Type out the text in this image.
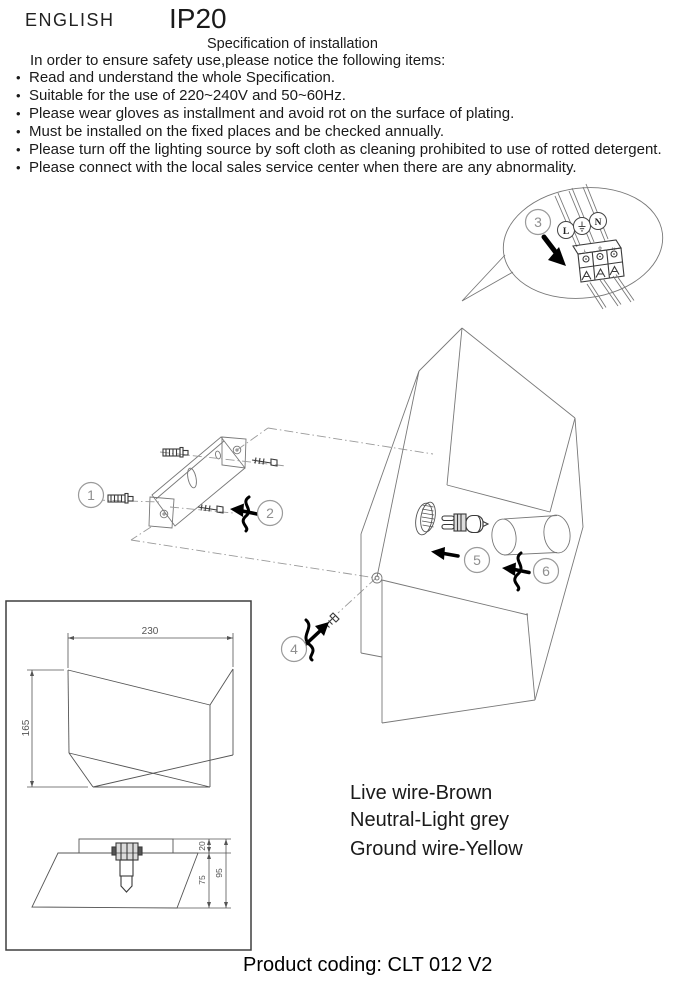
ENGLISH IP20
Specification of installation
In order to ensure safety use,please notice the following items:
• Read and understand the whole Specification.
• Suitable for the use of 220~240V and 50~60Hz.
• Please wear gloves as installment and avoid rot on the surface of plating.
• Must be installed on the fixed places and be checked annually.
• Please turn off the lighting source by soft cloth as cleaning prohibited to use of rotted detergent.
• Please connect with the local sales service center when there are any abnormality.
L
N
L	N
3
1
2
4
5
6
230
165
20
75
95
Live wire-Brown
Neutral-Light grey
Ground wire-Yellow
Product coding: CLT 012 V2
